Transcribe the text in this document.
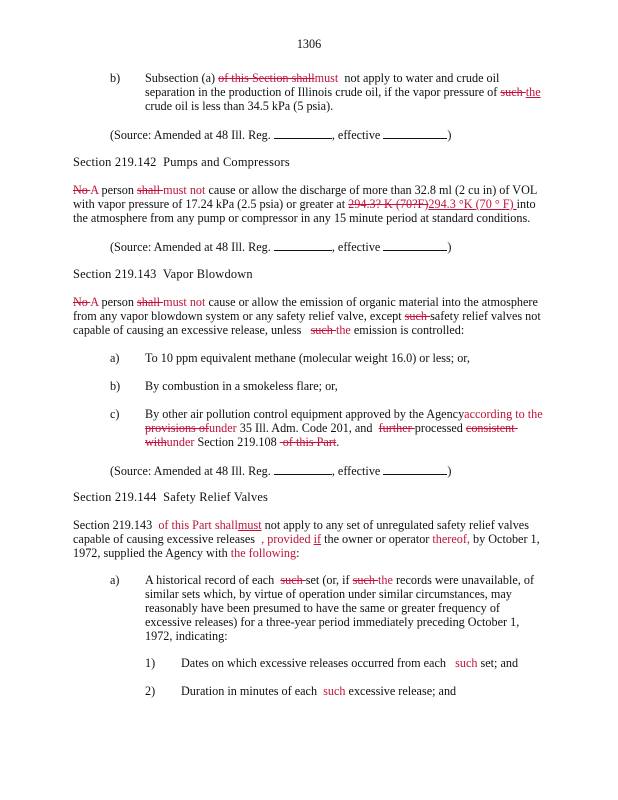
1306
b) Subsection (a) of this Section shallmust  not apply to water and crude oil separation in the production of Illinois crude oil, if the vapor pressure of such the crude oil is less than 34.5 kPa (5 psia).
(Source: Amended at 48 Ill. Reg.	, effective	)
Section 219.142  Pumps and Compressors
No A person shall must not cause or allow the discharge of more than 32.8 ml (2 cu in) of VOL with vapor pressure of 17.24 kPa (2.5 psia) or greater at 294.3? K (70?F)294.3 °K (70 ° F) into the atmosphere from any pump or compressor in any 15 minute period at standard conditions.
(Source: Amended at 48 Ill. Reg.	, effective	)
Section 219.143  Vapor Blowdown
No A person shall must not cause or allow the emission of organic material into the atmosphere from any vapor blowdown system or any safety relief valve, except such safety relief valves not capable of causing an excessive release, unless   such the emission is controlled:
a) To 10 ppm equivalent methane (molecular weight 16.0) or less; or,
b) By combustion in a smokeless flare; or,
c) By other air pollution control equipment approved by the Agencyaccording to the provisions ofunder 35 Ill. Adm. Code 201, and  further processed consistent withunder Section 219.108  of this Part.
(Source: Amended at 48 Ill. Reg.	, effective	)
Section 219.144  Safety Relief Valves
Section 219.143  of this Part shallmust not apply to any set of unregulated safety relief valves capable of causing excessive releases  , provided if the owner or operator thereof, by October 1, 1972, supplied the Agency with the following:
a) A historical record of each  such set (or, if such the records were unavailable, of similar sets which, by virtue of operation under similar circumstances, may reasonably have been presumed to have the same or greater frequency of excessive releases) for a three-year period immediately preceding October 1, 1972, indicating:
1) Dates on which excessive releases occurred from each   such set; and
2) Duration in minutes of each  such excessive release; and
